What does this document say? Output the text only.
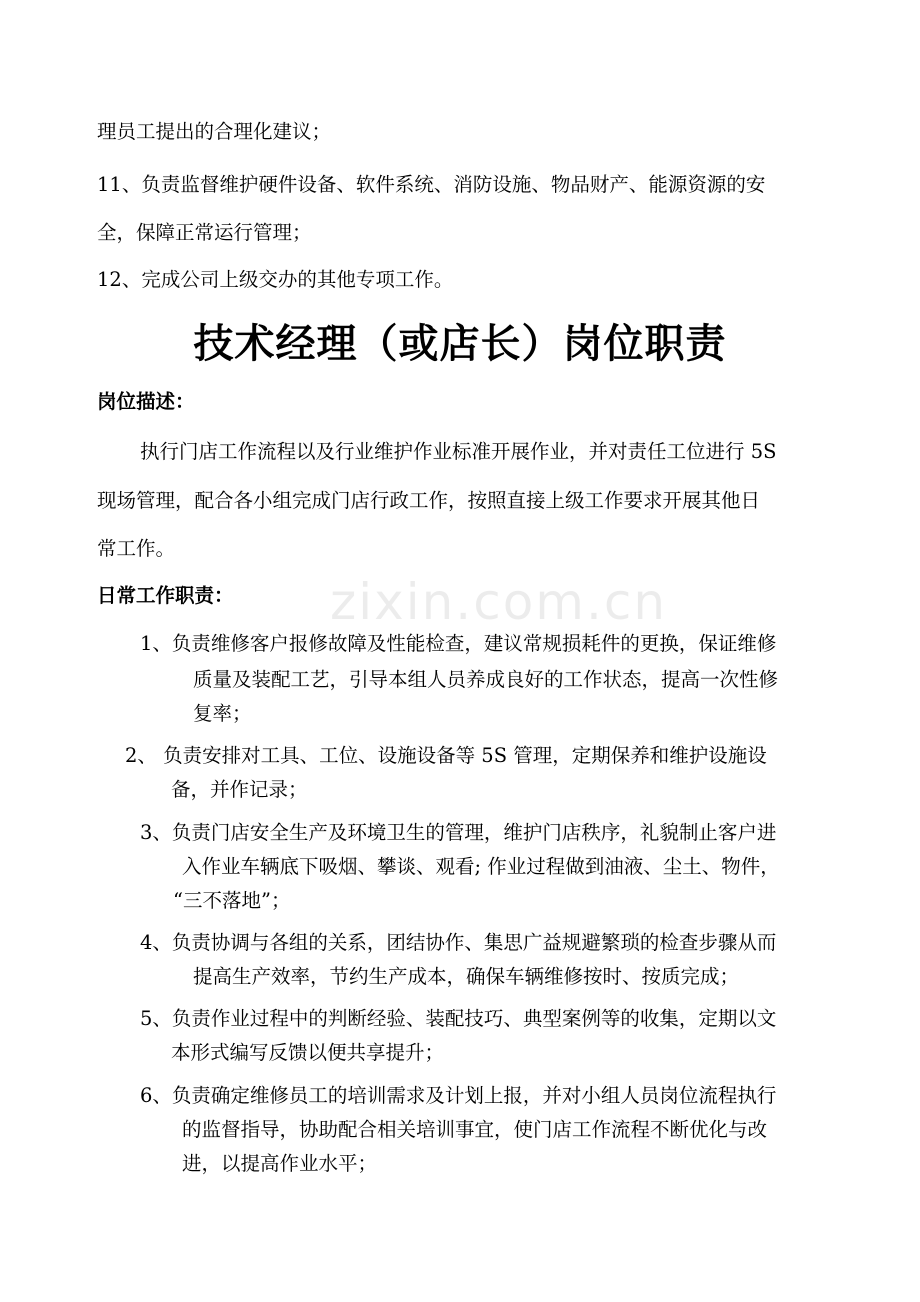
zixin.com.cn
理员工提出的合理化建议；
11、负责监督维护硬件设备、软件系统、消防设施、物品财产、能源资源的安
全，保障正常运行管理；
12、完成公司上级交办的其他专项工作。
技术经理（或店长）岗位职责
岗位描述：
执行门店工作流程以及行业维护作业标准开展作业，并对责任工位进行 5S
现场管理，配合各小组完成门店行政工作，按照直接上级工作要求开展其他日
常工作。
日常工作职责：
1、负责维修客户报修故障及性能检查，建议常规损耗件的更换，保证维修
质量及装配工艺，引导本组人员养成良好的工作状态，提高一次性修
复率；
2、 负责安排对工具、工位、设施设备等 5S 管理，定期保养和维护设施设
备，并作记录；
3、负责门店安全生产及环境卫生的管理，维护门店秩序，礼貌制止客户进
入作业车辆底下吸烟、攀谈、观看; 作业过程做到油液、尘土、物件，
“三不落地”；
4、负责协调与各组的关系，团结协作、集思广益规避繁琐的检查步骤从而
提高生产效率，节约生产成本，确保车辆维修按时、按质完成；
5、负责作业过程中的判断经验、装配技巧、典型案例等的收集，定期以文
本形式编写反馈以便共享提升；
6、负责确定维修员工的培训需求及计划上报，并对小组人员岗位流程执行
的监督指导，协助配合相关培训事宜，使门店工作流程不断优化与改
进，以提高作业水平；
